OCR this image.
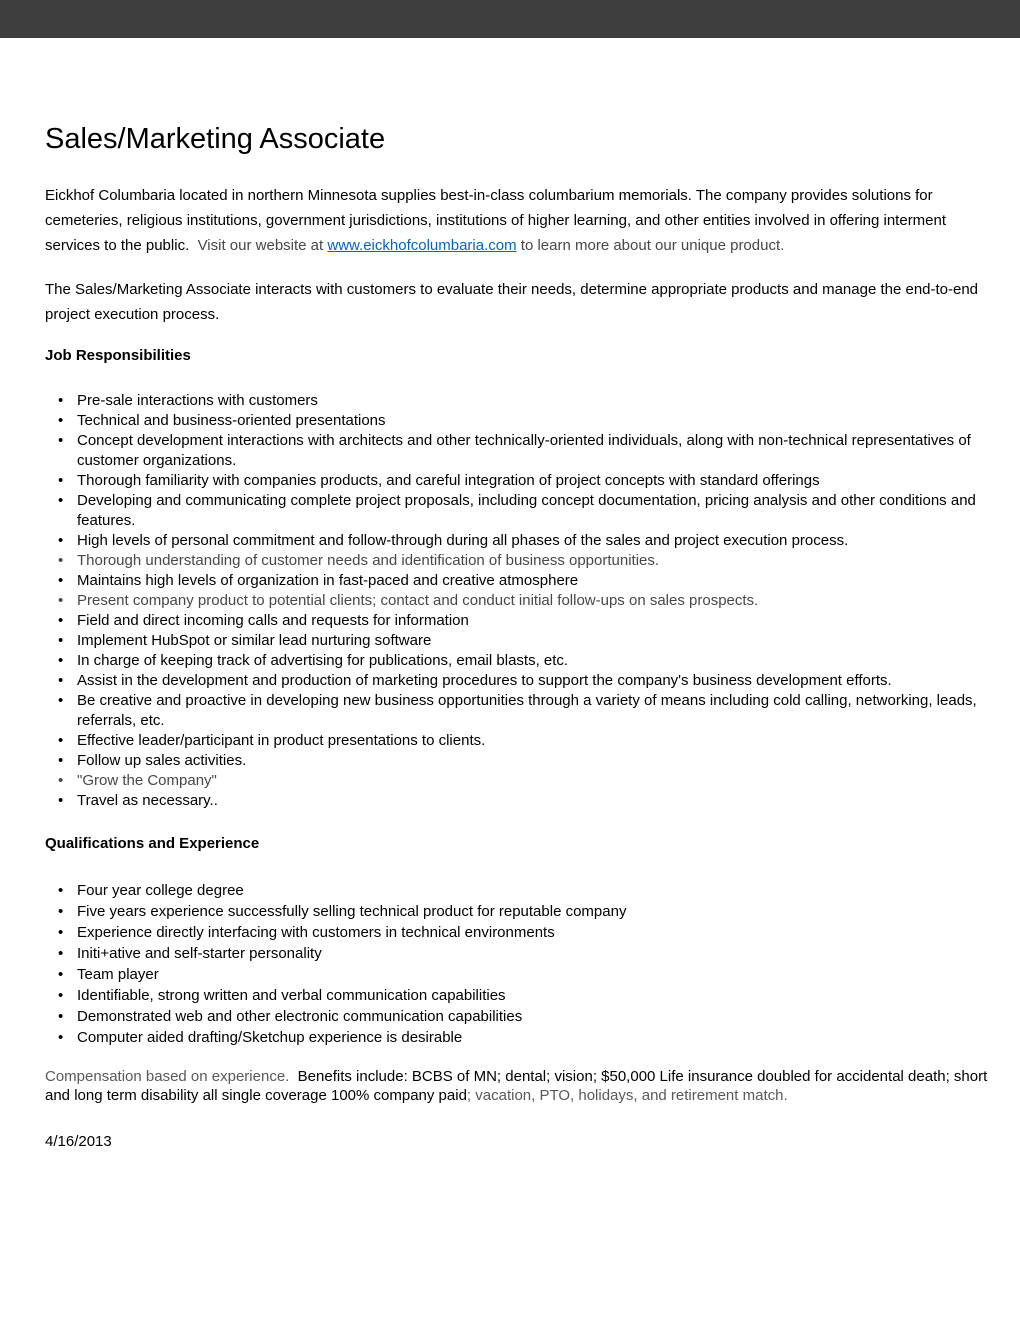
Sales/Marketing Associate

Eickhof Columbaria located in northern Minnesota supplies best-in-class columbarium memorials. The company provides solutions for cemeteries, religious institutions, government jurisdictions, institutions of higher learning, and other entities involved in offering interment services to the public.  Visit our website at www.eickhofcolumbaria.com to learn more about our unique product.

The Sales/Marketing Associate interacts with customers to evaluate their needs, determine appropriate products and manage the end-to-end project execution process.

Job Responsibilities
• Pre-sale interactions with customers
• Technical and business-oriented presentations
• Concept development interactions with architects and other technically-oriented individuals, along with non-technical representatives of customer organizations.
• Thorough familiarity with companies products, and careful integration of project concepts with standard offerings
• Developing and communicating complete project proposals, including concept documentation, pricing analysis and other conditions and features.
• High levels of personal commitment and follow-through during all phases of the sales and project execution process.
• Thorough understanding of customer needs and identification of business opportunities.
• Maintains high levels of organization in fast-paced and creative atmosphere
• Present company product to potential clients; contact and conduct initial follow-ups on sales prospects.
• Field and direct incoming calls and requests for information
• Implement HubSpot or similar lead nurturing software
• In charge of keeping track of advertising for publications, email blasts, etc.
• Assist in the development and production of marketing procedures to support the company's business development efforts.
• Be creative and proactive in developing new business opportunities through a variety of means including cold calling, networking, leads, referrals, etc.
• Effective leader/participant in product presentations to clients.
• Follow up sales activities.
• "Grow the Company"
• Travel as necessary..
Qualifications and Experience
• Four year college degree
• Five years experience successfully selling technical product for reputable company
• Experience directly interfacing with customers in technical environments
• Initi+ative and self-starter personality
• Team player
• Identifiable, strong written and verbal communication capabilities
• Demonstrated web and other electronic communication capabilities
• Computer aided drafting/Sketchup experience is desirable

Compensation based on experience.  Benefits include: BCBS of MN; dental; vision; $50,000 Life insurance doubled for accidental death; short and long term disability all single coverage 100% company paid; vacation, PTO, holidays, and retirement match.

4/16/2013
